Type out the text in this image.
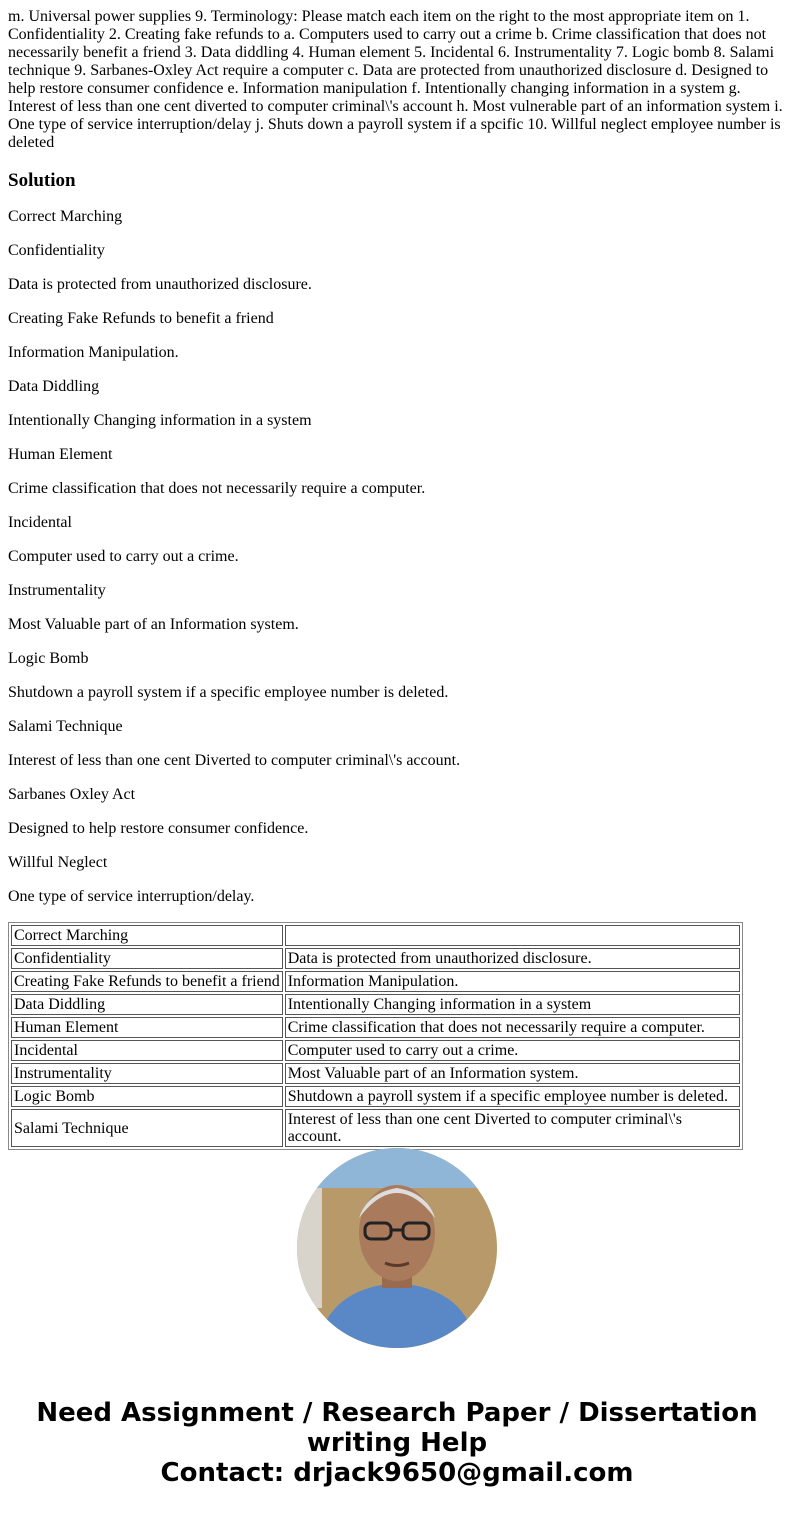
m. Universal power supplies 9. Terminology: Please match each item on the right to the most appropriate item on 1. Confidentiality 2. Creating fake refunds to a. Computers used to carry out a crime b. Crime classification that does not necessarily benefit a friend 3. Data diddling 4. Human element 5. Incidental 6. Instrumentality 7. Logic bomb 8. Salami technique 9. Sarbanes-Oxley Act require a computer c. Data are protected from unauthorized disclosure d. Designed to help restore consumer confidence e. Information manipulation f. Intentionally changing information in a system g. Interest of less than one cent diverted to computer criminal\'s account h. Most vulnerable part of an information system i. One type of service interruption/delay j. Shuts down a payroll system if a spcific 10. Willful neglect employee number is deleted

Solution

Correct Marching

Confidentiality

Data is protected from unauthorized disclosure.

Creating Fake Refunds to benefit a friend

Information Manipulation.

Data Diddling

Intentionally Changing information in a system

Human Element

Crime classification that does not necessarily require a computer.

Incidental

Computer used to carry out a crime.

Instrumentality

Most Valuable part of an Information system.

Logic Bomb

Shutdown a payroll system if a specific employee number is deleted.

Salami Technique

Interest of less than one cent Diverted to computer criminal\'s account.

Sarbanes Oxley Act

Designed to help restore consumer confidence.

Willful Neglect

One type of service interruption/delay.

Correct Marching	
Confidentiality	Data is protected from unauthorized disclosure.
Creating Fake Refunds to benefit a friend	Information Manipulation.
Data Diddling	Intentionally Changing information in a system
Human Element	Crime classification that does not necessarily require a computer.
Incidental	Computer used to carry out a crime.
Instrumentality	Most Valuable part of an Information system.
Logic Bomb	Shutdown a payroll system if a specific employee number is deleted.
Salami Technique	Interest of less than one cent Diverted to computer criminal\'s account.
Need Assignment / Research Paper / Dissertation writing Help
Contact: drjack9650@gmail.com
